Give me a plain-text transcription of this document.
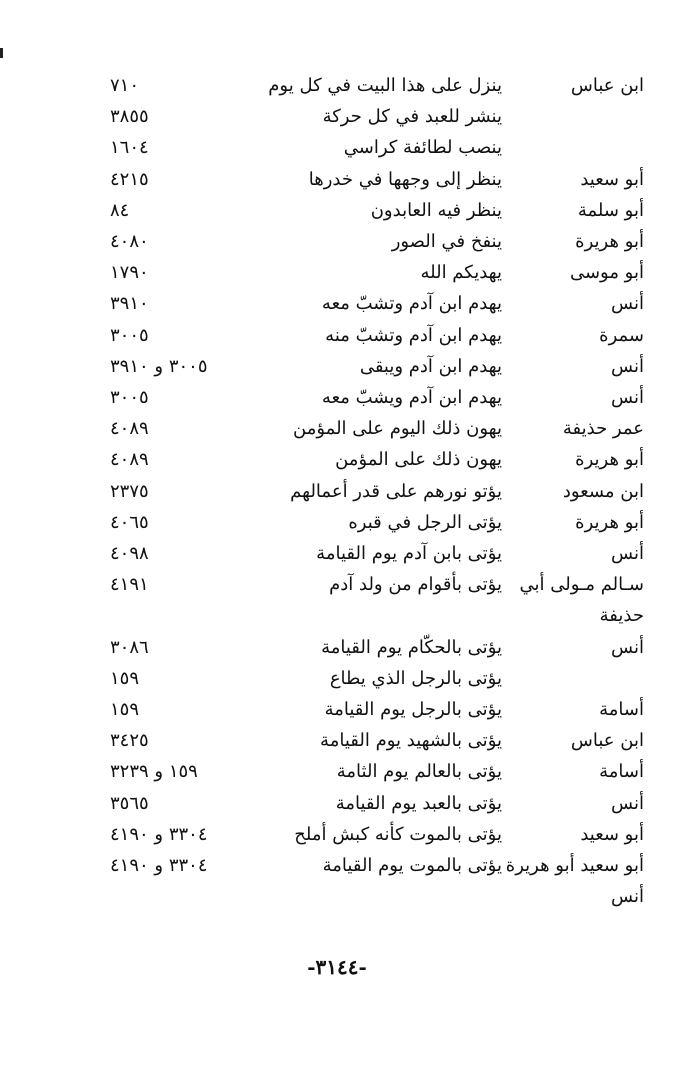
ابن عباس
ينزل على هذا البيت في كل يوم
٧١٠
ينشر للعبد في كل حركة
٣٨٥٥
ينصب لطائفة كراسي
١٦٠٤
أبو سعيد
ينظر إلى وجهها في خدرها
٤٢١٥
أبو سلمة
ينظر فيه العابدون
٨٤
أبو هريرة
ينفخ في الصور
٤٠٨٠
أبو موسى
يهديكم الله
١٧٩٠
أنس
يهدم ابن آدم وتشبّ معه
٣٩١٠
سمرة
يهدم ابن آدم وتشبّ منه
٣٠٠٥
أنس
يهدم ابن آدم ويبقى
٣٠٠٥ و ٣٩١٠
أنس
يهدم ابن آدم ويشبّ معه
٣٠٠٥
عمر حذيفة
يهون ذلك اليوم على المؤمن
٤٠٨٩
أبو هريرة
يهون ذلك على المؤمن
٤٠٨٩
ابن مسعود
يؤتو نورهم على قدر أعمالهم
٢٣٧٥
أبو هريرة
يؤتى الرجل في قبره
٤٠٦٥
أنس
يؤتى بابن آدم يوم القيامة
٤٠٩٨
سـالم مـولى أبي
يؤتى بأقوام من ولد آدم
٤١٩١
حذيفة
أنس
يؤتى بالحكّام يوم القيامة
٣٠٨٦
يؤتى بالرجل الذي يطاع
١٥٩
أسامة
يؤتى بالرجل يوم القيامة
١٥٩
ابن عباس
يؤتى بالشهيد يوم القيامة
٣٤٢٥
أسامة
يؤتى بالعالم يوم الثامة
١٥٩ و ٣٢٣٩
أنس
يؤتى بالعبد يوم القيامة
٣٥٦٥
أبو سعيد
يؤتى بالموت كأنه كبش أملح
٣٣٠٤ و ٤١٩٠
أبو سعيد أبو هريرة
يؤتى بالموت يوم القيامة
٣٣٠٤ و ٤١٩٠
أنس
-٣١٤٤-
